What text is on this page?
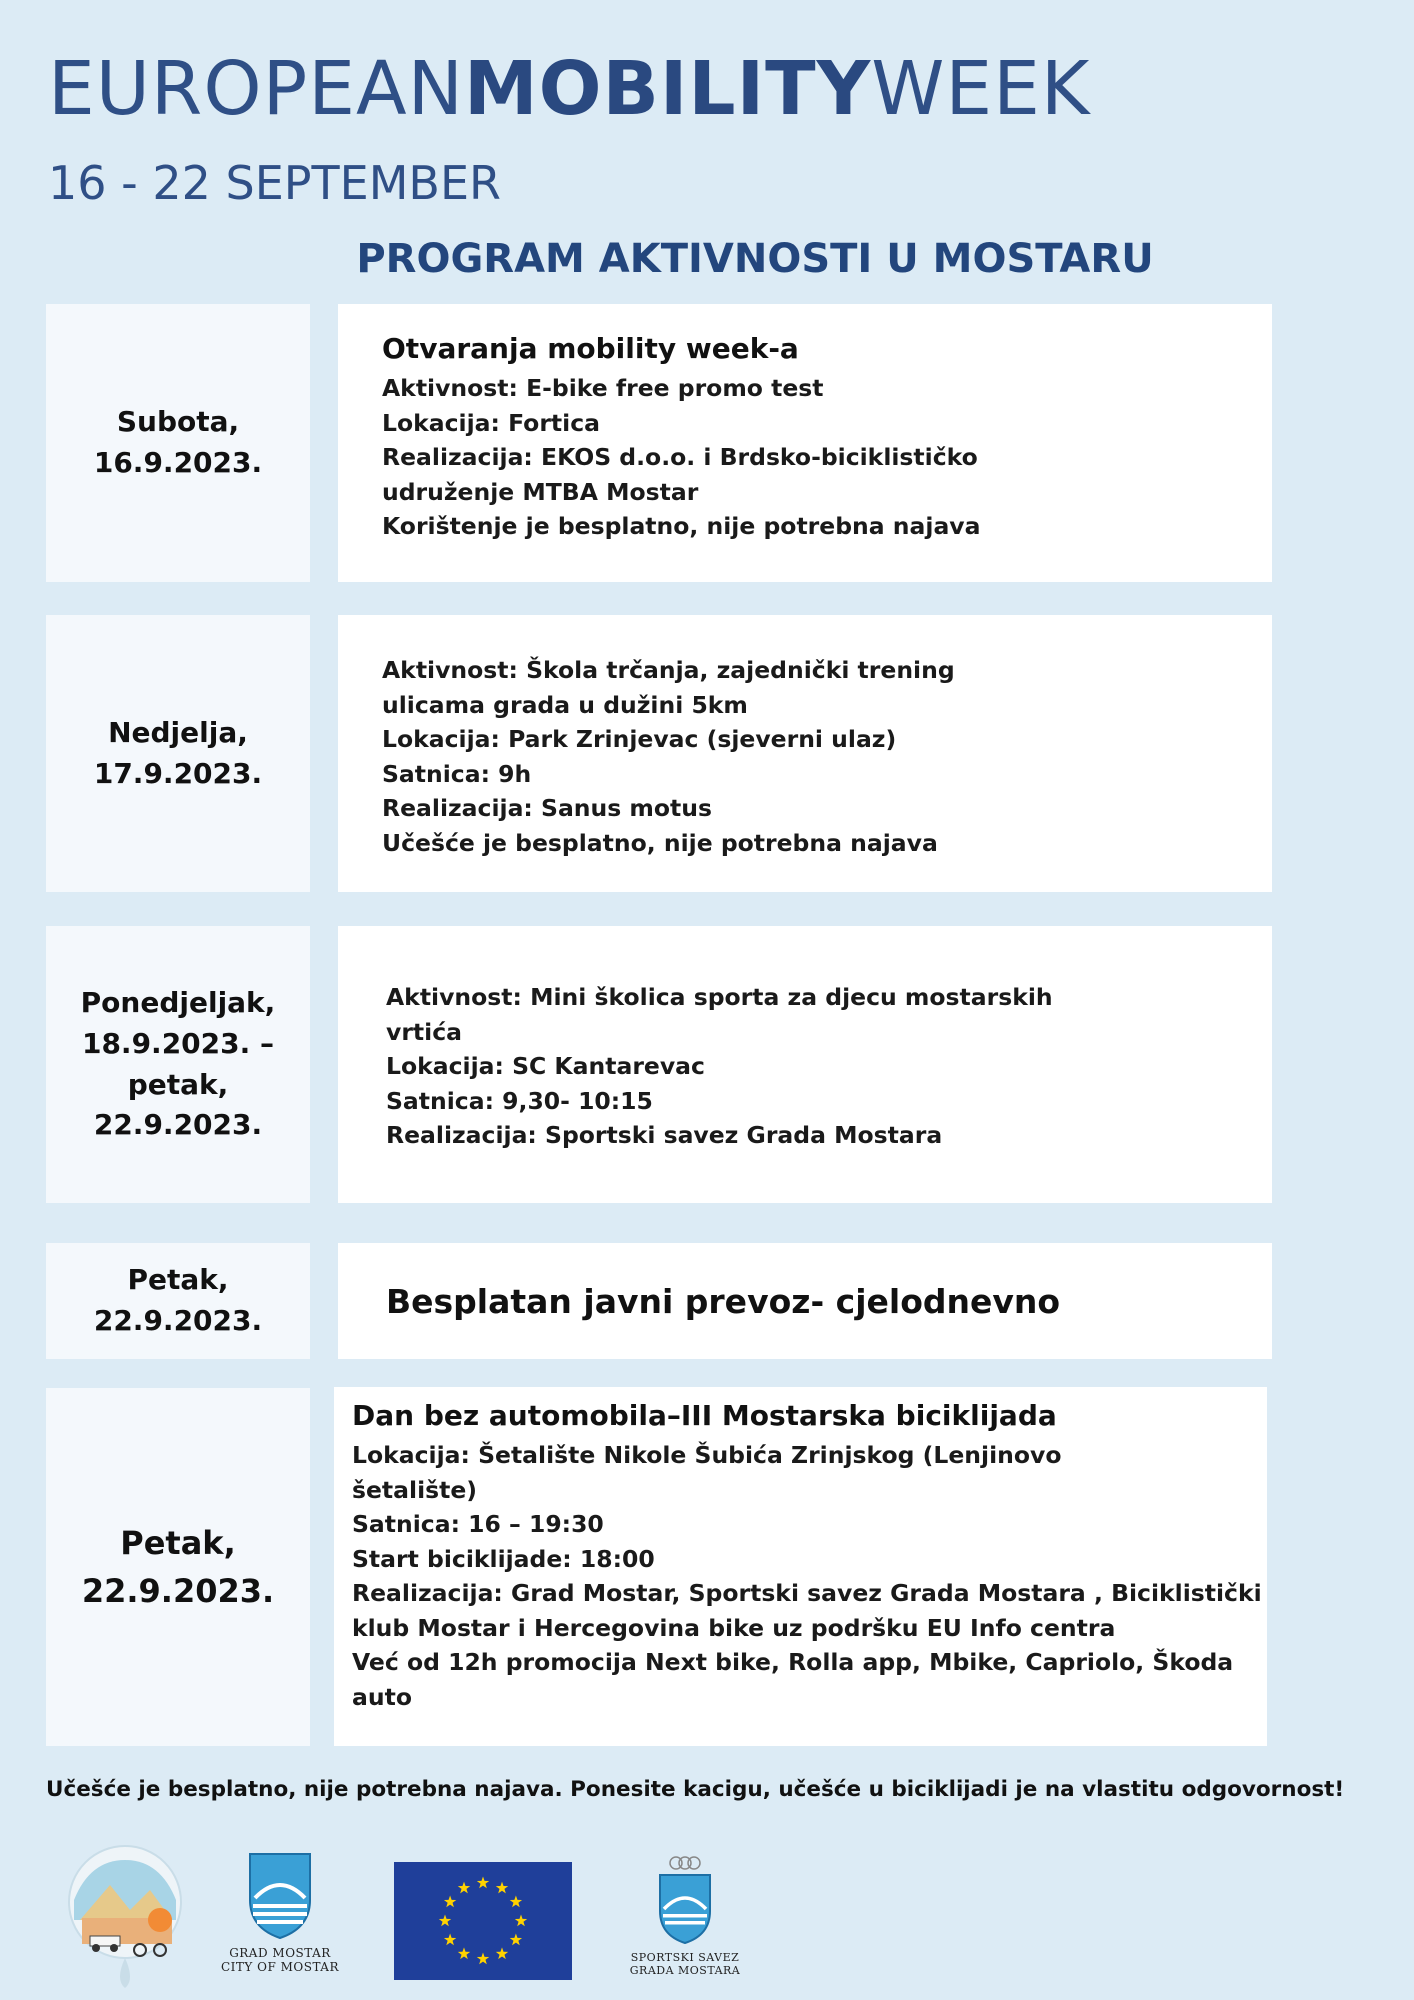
EUROPEANMOBILITYWEEK
16 - 22 SEPTEMBER
PROGRAM AKTIVNOSTI U MOSTARU
Subota,
16.9.2023.
Otvaranja mobility week-a
Aktivnost: E-bike free promo test
Lokacija: Fortica
Realizacija: EKOS d.o.o. i Brdsko-biciklističko
udruženje MTBA Mostar
Korištenje je besplatno, nije potrebna najava
Nedjelja,
17.9.2023.
Aktivnost: Škola trčanja, zajednički trening
ulicama grada u dužini 5km
Lokacija: Park Zrinjevac (sjeverni ulaz)
Satnica: 9h
Realizacija: Sanus motus
Učešće je besplatno, nije potrebna najava
Ponedjeljak,
18.9.2023. –
petak,
22.9.2023.
Aktivnost: Mini školica sporta za djecu mostarskih
vrtića
Lokacija: SC Kantarevac
Satnica: 9,30- 10:15
Realizacija: Sportski savez Grada Mostara
Petak,
22.9.2023.	Besplatan javni prevoz- cjelodnevno
Petak,
22.9.2023.
Dan bez automobila–III Mostarska biciklijada
Lokacija: Šetalište Nikole Šubića Zrinjskog (Lenjinovo
šetalište)
Satnica: 16 – 19:30
Start biciklijade: 18:00
Realizacija: Grad Mostar, Sportski savez Grada Mostara , Biciklistički
klub Mostar i Hercegovina bike uz podršku EU Info centra
Već od 12h promocija Next bike, Rolla app, Mbike, Capriolo, Škoda
auto
Učešće je besplatno, nije potrebna najava. Ponesite kacigu, učešće u biciklijadi je na vlastitu odgovornost!
GRAD MOSTAR
CITY OF MOSTAR
SPORTSKI SAVEZ
GRADA MOSTARA
